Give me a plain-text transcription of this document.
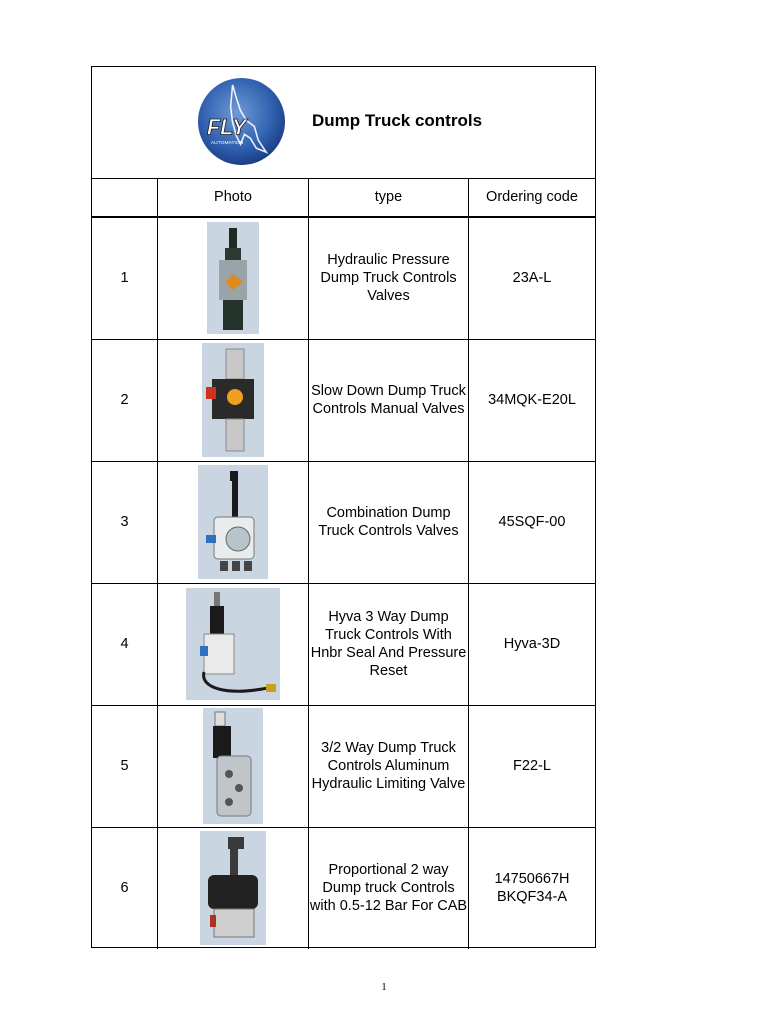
FLY
AUTOMATION
Dump Truck controls
Photo	type	Ordering code
1
Hydraulic Pressure Dump Truck Controls Valves
23A-L
2
Slow Down Dump Truck Controls Manual Valves
34MQK-E20L
3
Combination Dump Truck Controls Valves
45SQF-00
4
Hyva 3 Way Dump Truck Controls With Hnbr Seal And Pressure Reset
Hyva-3D
5
3/2 Way Dump Truck Controls Aluminum Hydraulic Limiting Valve
F22-L
6
Proportional 2 way Dump truck Controls with 0.5-12 Bar For CAB
14750667H
BKQF34-A
1
